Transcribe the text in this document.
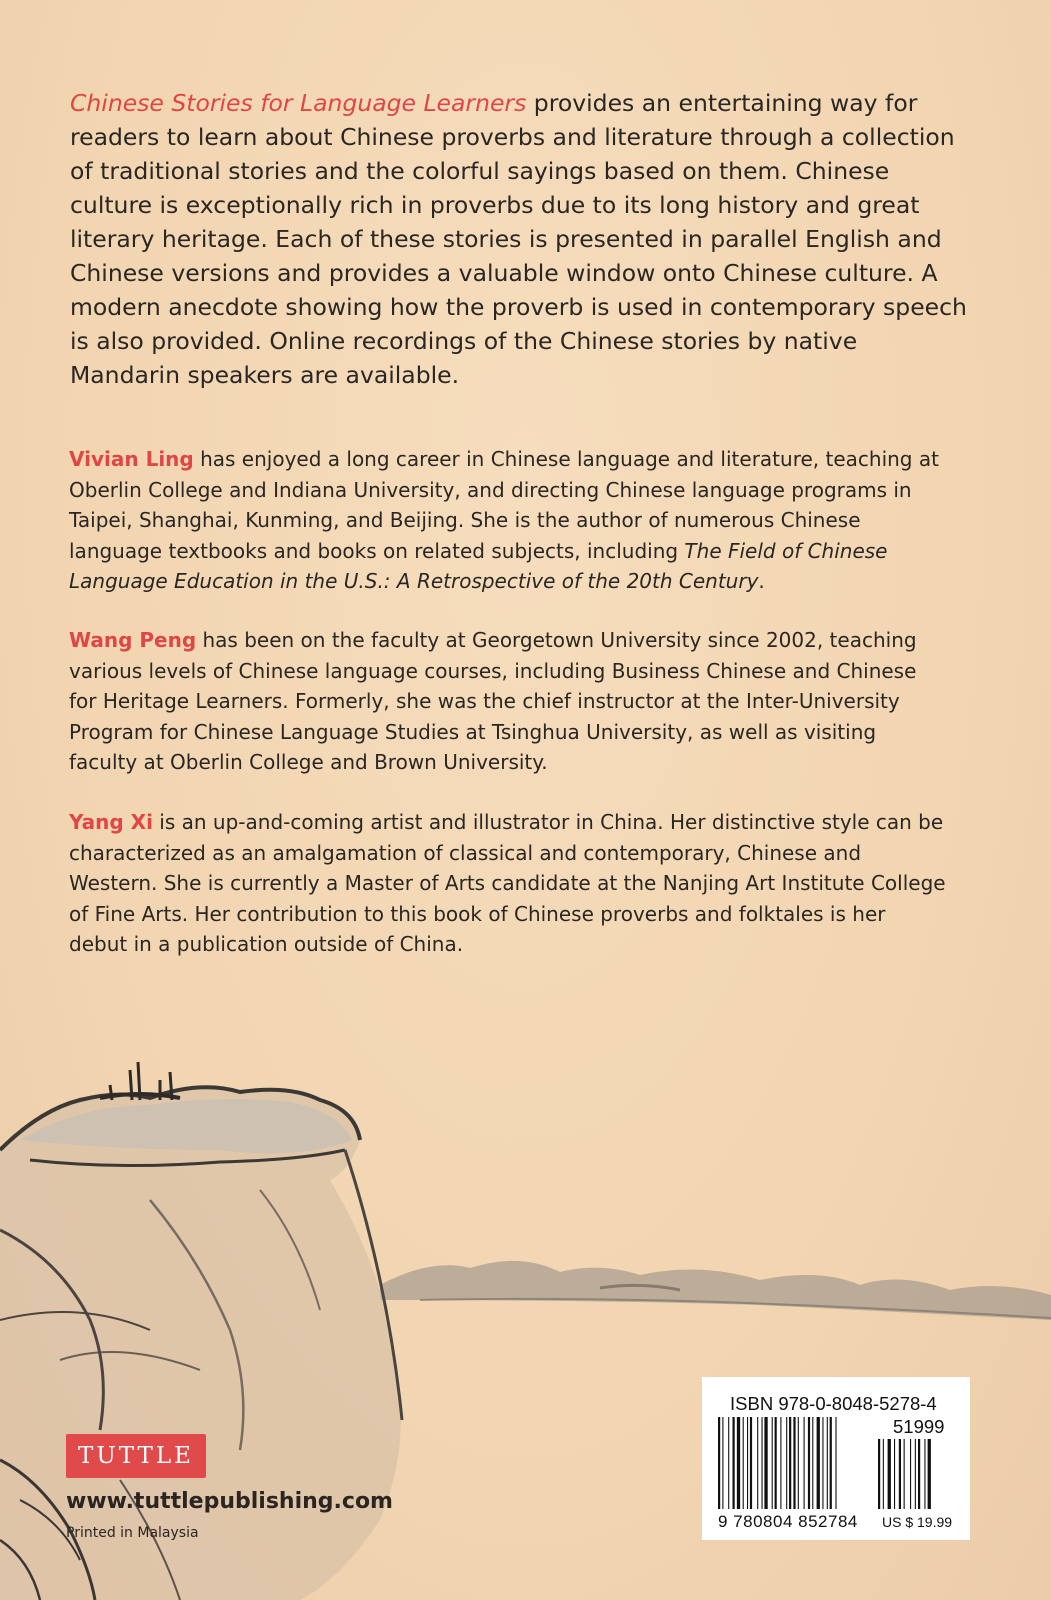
Chinese Stories for Language Learners provides an entertaining way for readers to learn about Chinese proverbs and literature through a collection of traditional stories and the colorful sayings based on them. Chinese culture is exceptionally rich in proverbs due to its long history and great literary heritage. Each of these stories is presented in parallel English and Chinese versions and provides a valuable window onto Chinese culture. A modern anecdote showing how the proverb is used in contemporary speech is also provided. Online recordings of the Chinese stories by native Mandarin speakers are available.

Vivian Ling has enjoyed a long career in Chinese language and literature, teaching at Oberlin College and Indiana University, and directing Chinese language programs in Taipei, Shanghai, Kunming, and Beijing. She is the author of numerous Chinese language textbooks and books on related subjects, including The Field of Chinese Language Education in the U.S.: A Retrospective of the 20th Century.

Wang Peng has been on the faculty at Georgetown University since 2002, teaching various levels of Chinese language courses, including Business Chinese and Chinese for Heritage Learners. Formerly, she was the chief instructor at the Inter-University Program for Chinese Language Studies at Tsinghua University, as well as visiting faculty at Oberlin College and Brown University.

Yang Xi is an up-and-coming artist and illustrator in China. Her distinctive style can be characterized as an amalgamation of classical and contemporary, Chinese and Western. She is currently a Master of Arts candidate at the Nanjing Art Institute College of Fine Arts. Her contribution to this book of Chinese proverbs and folktales is her debut in a publication outside of China.

TUTTLE
www.tuttlepublishing.com
Printed in Malaysia
ISBN 978-0-8048-5278-4
51999
9 780804 852784 US $ 19.99
